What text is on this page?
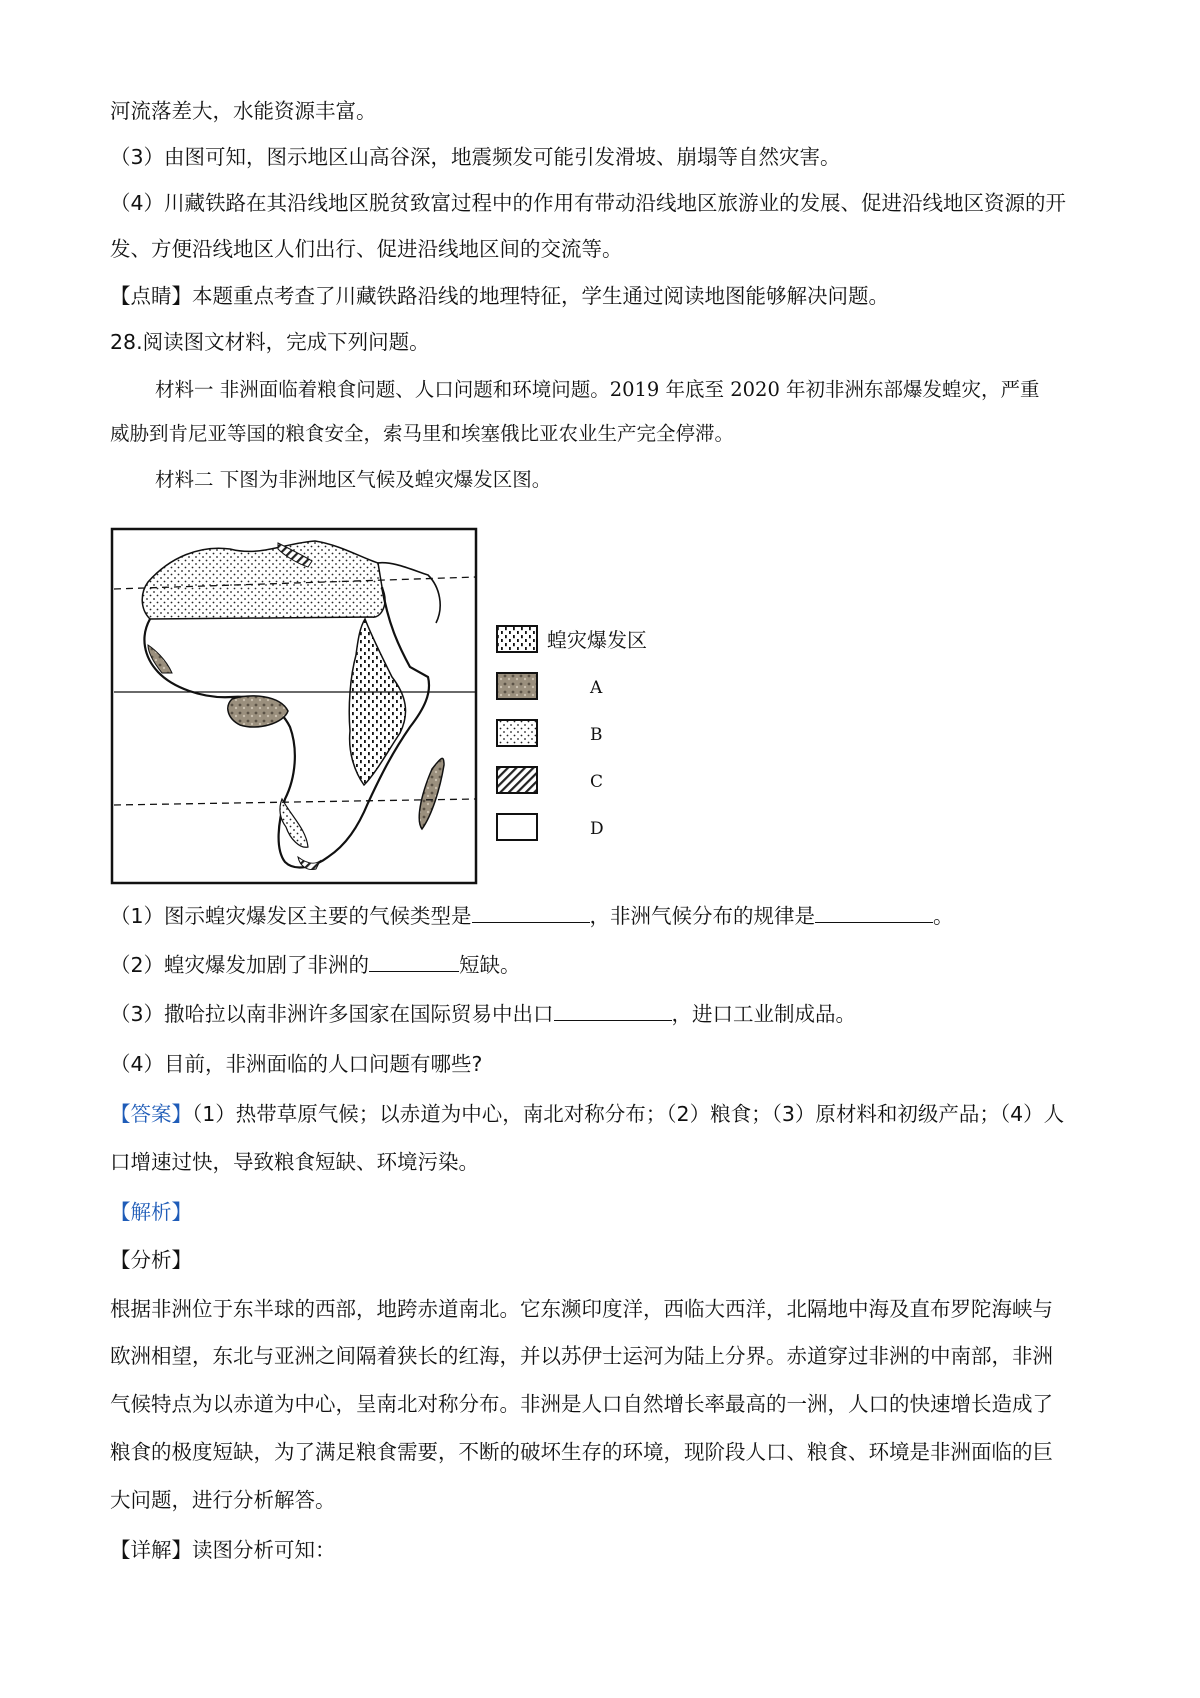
河流落差大，水能资源丰富。
（3）由图可知，图示地区山高谷深，地震频发可能引发滑坡、崩塌等自然灾害。
（4）川藏铁路在其沿线地区脱贫致富过程中的作用有带动沿线地区旅游业的发展、促进沿线地区资源的开
发、方便沿线地区人们出行、促进沿线地区间的交流等。
【点睛】本题重点考查了川藏铁路沿线的地理特征，学生通过阅读地图能够解决问题。
28.阅读图文材料，完成下列问题。
材料一 非洲面临着粮食问题、人口问题和环境问题。2019 年底至 2020 年初非洲东部爆发蝗灾，严重
威胁到肯尼亚等国的粮食安全，索马里和埃塞俄比亚农业生产完全停滞。
材料二 下图为非洲地区气候及蝗灾爆发区图。
蝗灾爆发区
A
B
C
D
（1）图示蝗灾爆发区主要的气候类型是	，非洲气候分布的规律是	。
（2）蝗灾爆发加剧了非洲的	短缺。
（3）撒哈拉以南非洲许多国家在国际贸易中出口	，进口工业制成品。
（4）目前，非洲面临的人口问题有哪些?
【答案】（1）热带草原气候；以赤道为中心，南北对称分布；（2）粮食；（3）原材料和初级产品；（4）人
口增速过快，导致粮食短缺、环境污染。
【解析】
【分析】
根据非洲位于东半球的西部，地跨赤道南北。它东濒印度洋，西临大西洋，北隔地中海及直布罗陀海峡与
欧洲相望，东北与亚洲之间隔着狭长的红海，并以苏伊士运河为陆上分界。赤道穿过非洲的中南部，非洲
气候特点为以赤道为中心，呈南北对称分布。非洲是人口自然增长率最高的一洲，人口的快速增长造成了
粮食的极度短缺，为了满足粮食需要，不断的破坏生存的环境，现阶段人口、粮食、环境是非洲面临的巨
大问题，进行分析解答。
【详解】读图分析可知：
